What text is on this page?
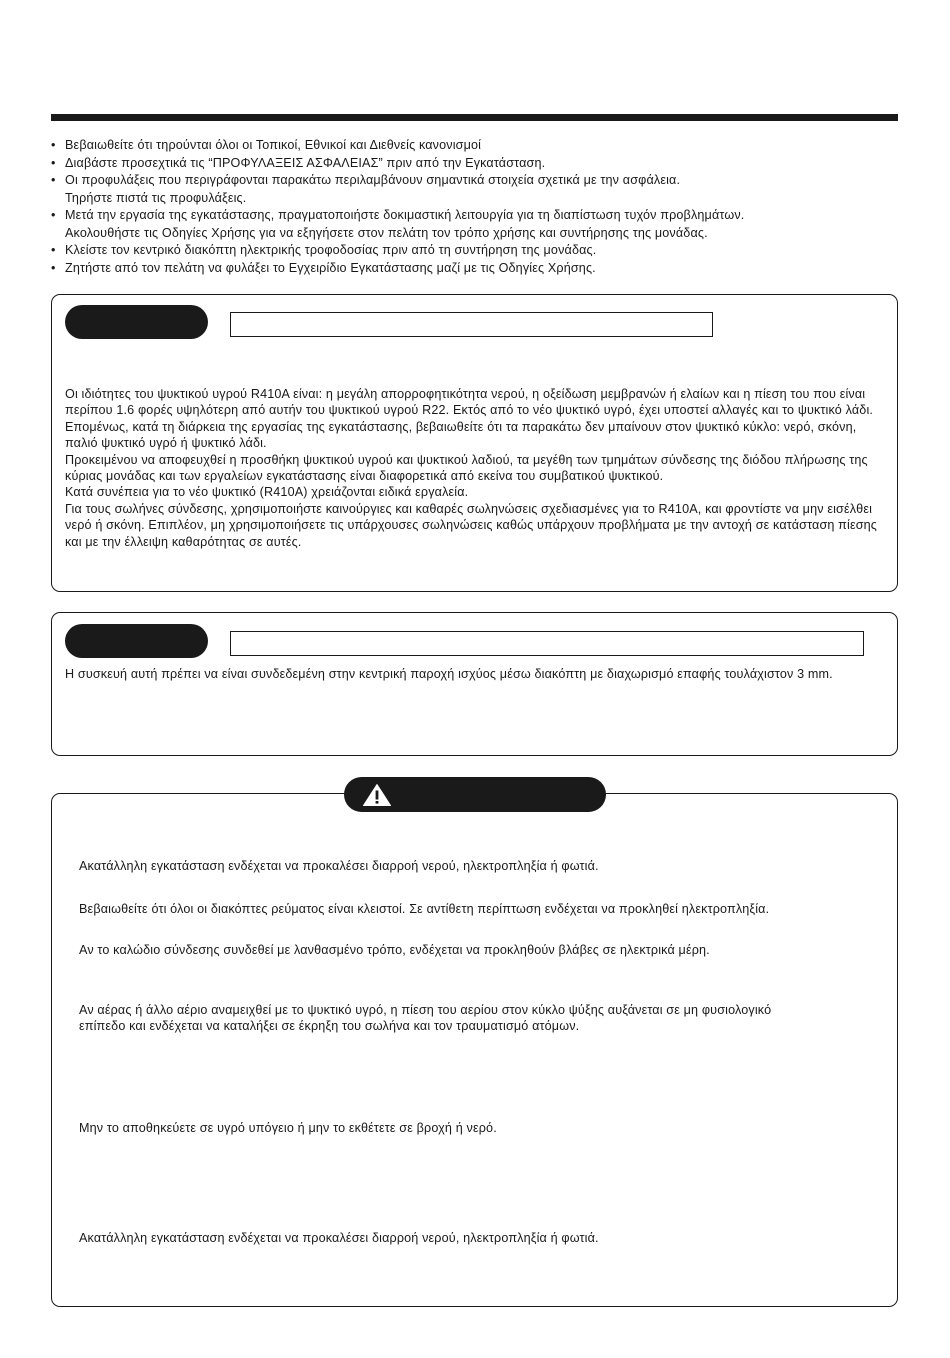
• Βεβαιωθείτε ότι τηρούνται όλοι οι Τοπικοί, Εθνικοί και Διεθνείς κανονισμοί
• Διαβάστε προσεχτικά τις “ΠΡΟΦΥΛΑΞΕΙΣ ΑΣΦΑΛΕΙΑΣ” πριν από την Εγκατάσταση.
• Οι προφυλάξεις που περιγράφονται παρακάτω περιλαμβάνουν σημαντικά στοιχεία σχετικά με την ασφάλεια.
Τηρήστε πιστά τις προφυλάξεις.
• Μετά την εργασία της εγκατάστασης, πραγματοποιήστε δοκιμαστική λειτουργία για τη διαπίστωση τυχόν προβλημάτων.
Ακολουθήστε τις Οδηγίες Χρήσης για να εξηγήσετε στον πελάτη τον τρόπο χρήσης και συντήρησης της μονάδας.
• Κλείστε τον κεντρικό διακόπτη ηλεκτρικής τροφοδοσίας πριν από τη συντήρηση της μονάδας.
• Ζητήστε από τον πελάτη να φυλάξει το Εγχειρίδιο Εγκατάστασης μαζί με τις Οδηγίες Χρήσης.

Οι ιδιότητες του ψυκτικού υγρού R410A είναι: η μεγάλη απορροφητικότητα νερού, η οξείδωση μεμβρανών ή ελαίων και η πίεση του που είναι περίπου 1.6 φορές υψηλότερη από αυτήν του ψυκτικού υγρού R22. Εκτός από το νέο ψυκτικό υγρό, έχει υποστεί αλλαγές και το ψυκτικό λάδι. Επομένως, κατά τη διάρκεια της εργασίας της εγκατάστασης, βεβαιωθείτε ότι τα παρακάτω δεν μπαίνουν στον ψυκτικό κύκλο: νερό, σκόνη, παλιό ψυκτικό υγρό ή ψυκτικό λάδι.

Προκειμένου να αποφευχθεί η προσθήκη ψυκτικού υγρού και ψυκτικού λαδιού, τα μεγέθη των τμημάτων σύνδεσης της διόδου πλήρωσης της κύριας μονάδας και των εργαλείων εγκατάστασης είναι διαφορετικά από εκείνα του συμβατικού ψυκτικού.

Κατά συνέπεια για το νέο ψυκτικό (R410A) χρειάζονται ειδικά εργαλεία.

Για τους σωλήνες σύνδεσης, χρησιμοποιήστε καινούργιες και καθαρές σωληνώσεις σχεδιασμένες για το R410A, και φροντίστε να μην εισέλθει νερό ή σκόνη. Επιπλέον, μη χρησιμοποιήσετε τις υπάρχουσες σωληνώσεις καθώς υπάρχουν προβλήματα με την αντοχή σε κατάσταση πίεσης και με την έλλειψη καθαρότητας σε αυτές.

Η συσκευή αυτή πρέπει να είναι συνδεδεμένη στην κεντρική παροχή ισχύος μέσω διακόπτη με διαχωρισμό επαφής τουλάχιστον 3 mm.

Ακατάλληλη εγκατάσταση ενδέχεται να προκαλέσει διαρροή νερού, ηλεκτροπληξία ή φωτιά.

Βεβαιωθείτε ότι όλοι οι διακόπτες ρεύματος είναι κλειστοί. Σε αντίθετη περίπτωση ενδέχεται να προκληθεί ηλεκτροπληξία.

Αν το καλώδιο σύνδεσης συνδεθεί με λανθασμένο τρόπο, ενδέχεται να προκληθούν βλάβες σε ηλεκτρικά μέρη.

Αν αέρας ή άλλο αέριο αναμειχθεί με το ψυκτικό υγρό, η πίεση του αερίου στον κύκλο ψύξης αυξάνεται σε μη φυσιολογικό επίπεδο και ενδέχεται να καταλήξει σε έκρηξη του σωλήνα και τον τραυματισμό ατόμων.

Μην το αποθηκεύετε σε υγρό υπόγειο ή μην το εκθέτετε σε βροχή ή νερό.

Ακατάλληλη εγκατάσταση ενδέχεται να προκαλέσει διαρροή νερού, ηλεκτροπληξία ή φωτιά.
